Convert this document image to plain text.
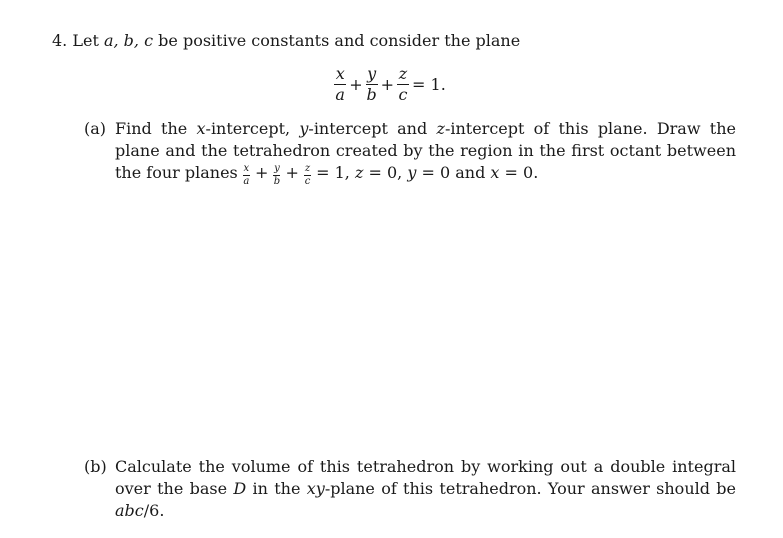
4. Let a, b, c be positive constants and consider the plane
$\frac{x}{a} + \frac{y}{b} + \frac{z}{c} = 1$.
(a) Find the x-intercept, y-intercept and z-intercept of this plane. Draw the plane and the tetrahedron created by the region in the first octant between the four planes $\frac{x}{a} + \frac{y}{b} + \frac{z}{c} = 1$, z = 0, y = 0 and x = 0.
(b) Calculate the volume of this tetrahedron by working out a double integral over the base D in the xy-plane of this tetrahedron. Your answer should be abc/6.
